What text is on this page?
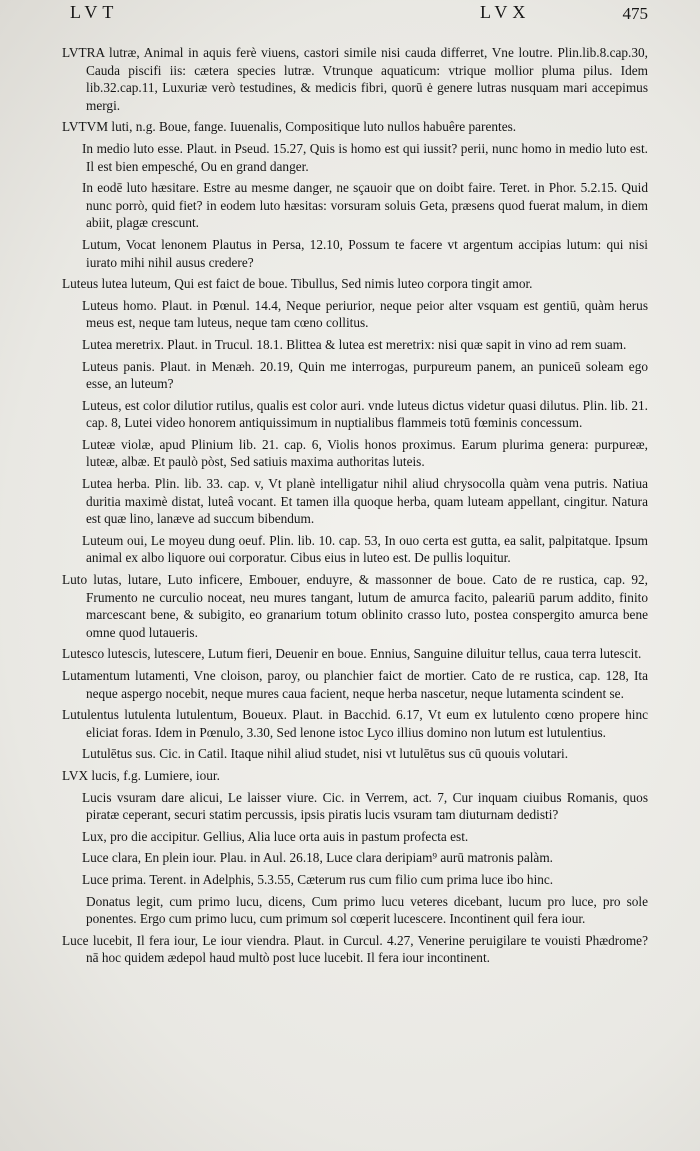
LVT	LVX	475
LVTRA lutræ, Animal in aquis ferè viuens, castori simile nisi cauda differret, Vne loutre. Plin.lib.8.cap.30, Cauda piscifi iis: cætera species lutræ. Vtrunque aquaticum: vtrique mollior pluma pilus. Idem lib.32.cap.11, Luxuriæ verò testudines, & medicis fibri, quorū ė genere lutras nusquam mari accepimus mergi.
LVTVM luti, n.g. Boue, fange. Iuuenalis, Compositique luto nullos habuêre parentes.
In medio luto esse. Plaut. in Pseud. 15.27, Quis is homo est qui iussit? perii, nunc homo in medio luto est. Il est bien empesché, Ou en grand danger.
In eodē luto hæsitare. Estre au mesme danger, ne sçauoir que on doibt faire. Teret. in Phor. 5.2.15. Quid nunc porrò, quid fiet? in eodem luto hæsitas: vorsuram soluis Geta, præsens quod fuerat malum, in diem abiit, plagæ crescunt.
Lutum, Vocat lenonem Plautus in Persa, 12.10, Possum te facere vt argentum accipias lutum: qui nisi iurato mihi nihil ausus credere?
Luteus lutea luteum, Qui est faict de boue. Tibullus, Sed nimis luteo corpora tingit amor.
Luteus homo. Plaut. in Pœnul. 14.4, Neque periurior, neque peior alter vsquam est gentiū, quàm herus meus est, neque tam luteus, neque tam cœno collitus.
Lutea meretrix. Plaut. in Trucul. 18.1. Blittea & lutea est meretrix: nisi quæ sapit in vino ad rem suam.
Luteus panis. Plaut. in Menæh. 20.19, Quin me interrogas, purpureum panem, an puniceū soleam ego esse, an luteum?
Luteus, est color dilutior rutilus, qualis est color auri. vnde luteus dictus videtur quasi dilutus. Plin. lib. 21. cap. 8, Lutei video honorem antiquissimum in nuptialibus flammeis totū fœminis concessum.
Luteæ violæ, apud Plinium lib. 21. cap. 6, Violis honos proximus. Earum plurima genera: purpureæ, luteæ, albæ. Et paulò pòst, Sed satiuis maxima authoritas luteis.
Lutea herba. Plin. lib. 33. cap. v, Vt planè intelligatur nihil aliud chrysocolla quàm vena putris. Natiua duritia maximè distat, luteâ vocant. Et tamen illa quoque herba, quam luteam appellant, cingitur. Natura est quæ lino, lanæve ad succum bibendum.
Luteum oui, Le moyeu dung oeuf. Plin. lib. 10. cap. 53, In ouo certa est gutta, ea salit, palpitatque. Ipsum animal ex albo liquore oui corporatur. Cibus eius in luteo est. De pullis loquitur.
Luto lutas, lutare, Luto inficere, Embouer, enduyre, & massonner de boue. Cato de re rustica, cap. 92, Frumento ne curculio noceat, neu mures tangant, lutum de amurca facito, paleariū parum addito, finito marcescant bene, & subigito, eo granarium totum oblinito crasso luto, postea conspergito amurca bene omne quod lutaueris.
Lutesco lutescis, lutescere, Lutum fieri, Deuenir en boue. Ennius, Sanguine diluitur tellus, caua terra lutescit.
Lutamentum lutamenti, Vne cloison, paroy, ou planchier faict de mortier. Cato de re rustica, cap. 128, Ita neque aspergo nocebit, neque mures caua facient, neque herba nascetur, neque lutamenta scindent se.
Lutulentus lutulenta lutulentum, Boueux. Plaut. in Bacchid. 6.17, Vt eum ex lutulento cœno propere hinc eliciat foras. Idem in Pœnulo, 3.30, Sed lenone istoc Lyco illius domino non lutum est lutulentius.
Lutulētus sus. Cic. in Catil. Itaque nihil aliud studet, nisi vt lutulētus sus cū quouis volutari.
LVX lucis, f.g. Lumiere, iour.
Lucis vsuram dare alicui, Le laisser viure. Cic. in Verrem, act. 7, Cur inquam ciuibus Romanis, quos piratæ ceperant, securi statim percussis, ipsis piratis lucis vsuram tam diuturnam dedisti?
Lux, pro die accipitur. Gellius, Alia luce orta auis in pastum profecta est.
Luce clara, En plein iour. Plau. in Aul. 26.18, Luce clara deripiam⁹ aurū matronis palàm.
Luce prima. Terent. in Adelphis, 5.3.55, Cæterum rus cum filio cum prima luce ibo hinc.
Donatus legit, cum primo lucu, dicens, Cum primo lucu veteres dicebant, lucum pro luce, pro sole ponentes. Ergo cum primo lucu, cum primum sol cœperit lucescere. Incontinent quil fera iour.
Luce lucebit, Il fera iour, Le iour viendra. Plaut. in Curcul. 4.27, Venerine peruigilare te vouisti Phædrome? nā hoc quidem ædepol haud multò post luce lucebit. Il fera iour incontinent.
